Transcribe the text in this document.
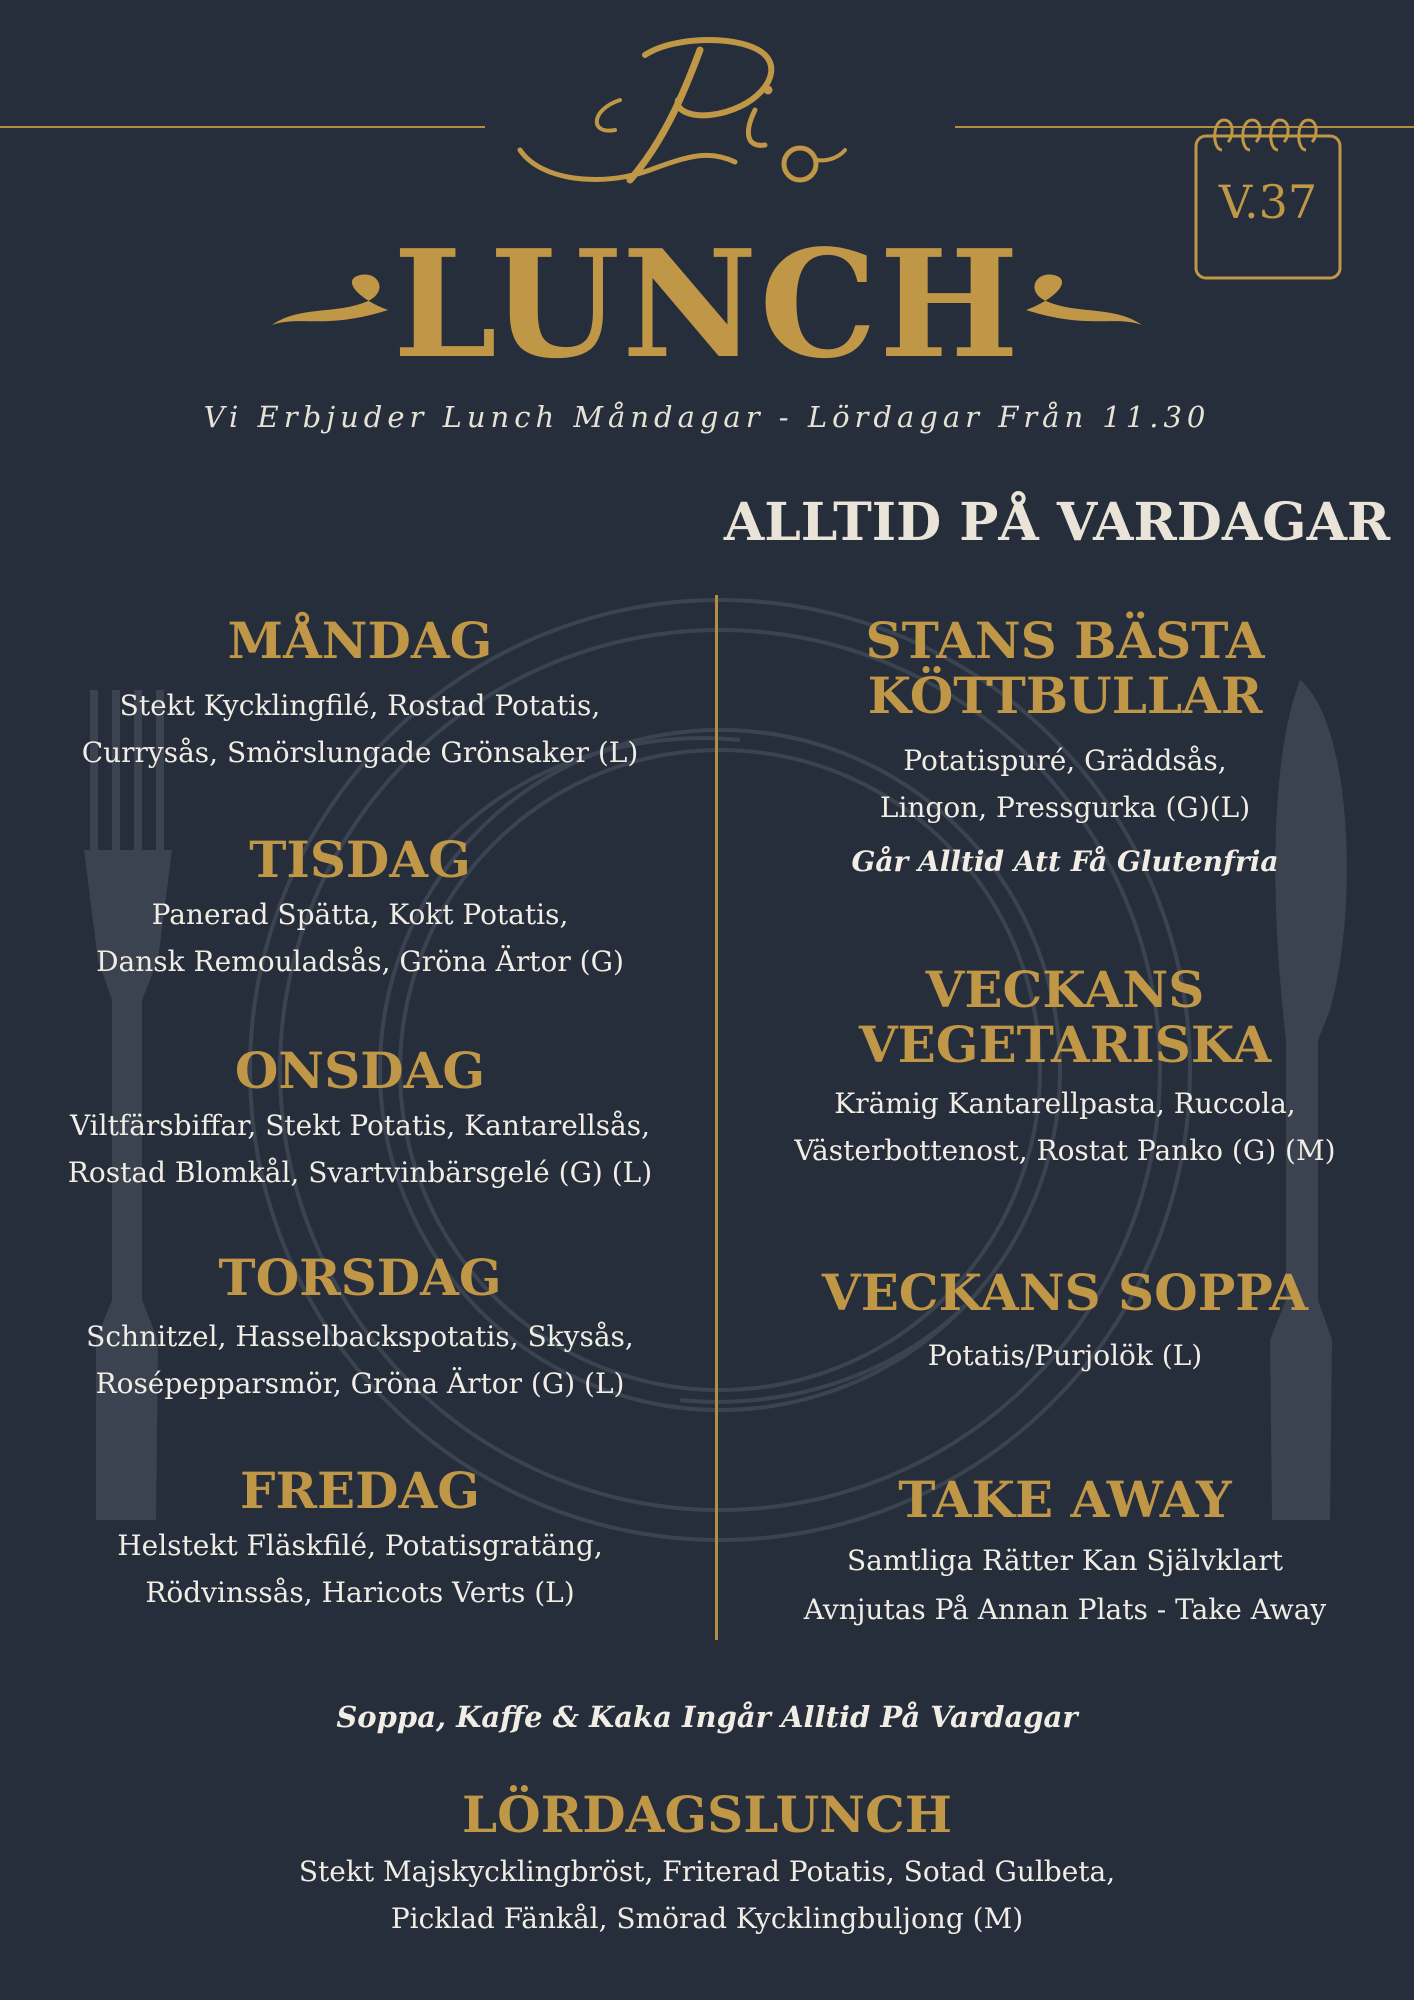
V.37
LUNCH
Vi Erbjuder Lunch Måndagar - Lördagar Från 11.30
ALLTID PÅ VARDAGAR

MÅNDAG

Stekt Kycklingfilé, Rostad Potatis,

Currysås, Smörslungade Grönsaker (L)

TISDAG

Panerad Spätta, Kokt Potatis,

Dansk Remouladsås, Gröna Ärtor (G)

ONSDAG

Viltfärsbiffar, Stekt Potatis, Kantarellsås,

Rostad Blomkål, Svartvinbärsgelé (G) (L)

TORSDAG

Schnitzel, Hasselbackspotatis, Skysås,

Rosépepparsmör, Gröna Ärtor (G) (L)

FREDAG

Helstekt Fläskfilé, Potatisgratäng,

Rödvinssås, Haricots Verts (L)

STANS BÄSTA

KÖTTBULLAR

Potatispuré, Gräddsås,

Lingon, Pressgurka (G)(L)

Går Alltid Att Få Glutenfria

VECKANS

VEGETARISKA

Krämig Kantarellpasta, Ruccola,

Västerbottenost, Rostat Panko (G) (M)

VECKANS SOPPA

Potatis/Purjolök (L)

TAKE AWAY

Samtliga Rätter Kan Självklart

Avnjutas På Annan Plats - Take Away

Soppa, Kaffe & Kaka Ingår Alltid På Vardagar

LÖRDAGSLUNCH

Stekt Majskycklingbröst, Friterad Potatis, Sotad Gulbeta,

Picklad Fänkål, Smörad Kycklingbuljong (M)
